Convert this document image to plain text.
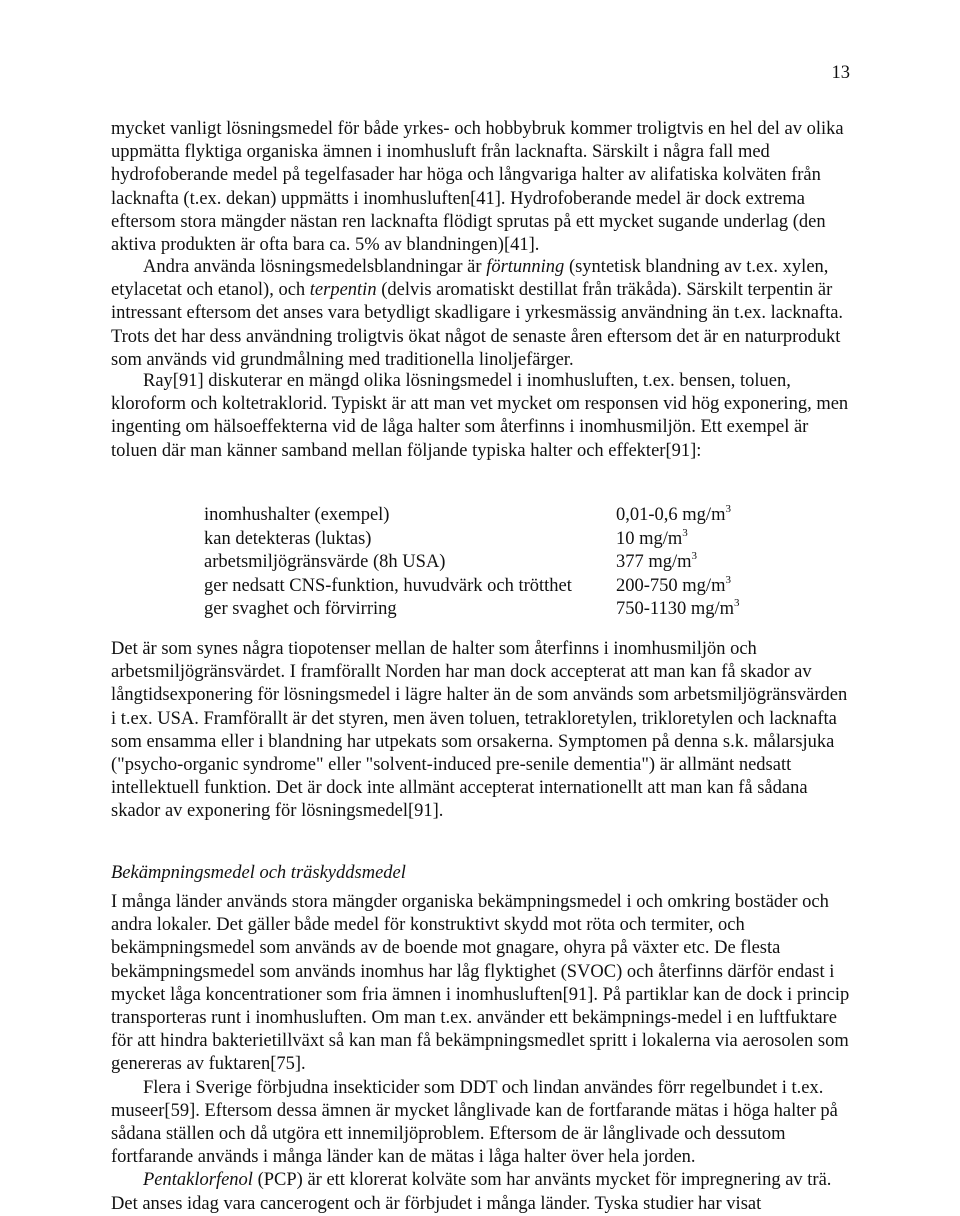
13

mycket vanligt lösningsmedel för både yrkes- och hobbybruk kommer troligtvis en hel del av olika uppmätta flyktiga organiska ämnen i inomhusluft från lacknafta. Särskilt i några fall med hydrofoberande medel på tegelfasader har höga och långvariga halter av alifatiska kolväten från lacknafta (t.ex. dekan) uppmätts i inomhusluften[41]. Hydrofoberande medel är dock extrema eftersom stora mängder nästan ren lacknafta flödigt sprutas på ett mycket sugande underlag (den aktiva produkten är ofta bara ca. 5% av blandningen)[41].

Andra använda lösningsmedelsblandningar är förtunning (syntetisk blandning av t.ex. xylen, etylacetat och etanol), och terpentin (delvis aromatiskt destillat från träkåda). Särskilt terpentin är intressant eftersom det anses vara betydligt skadligare i yrkesmässig användning än t.ex. lacknafta. Trots det har dess användning troligtvis ökat något de senaste åren eftersom det är en naturprodukt som används vid grundmålning med traditionella linoljefärger.

Ray[91] diskuterar en mängd olika lösningsmedel i inomhusluften, t.ex. bensen, toluen, kloroform och koltetraklorid. Typiskt är att man vet mycket om responsen vid hög exponering, men ingenting om hälsoeffekterna vid de låga halter som återfinns i inomhusmiljön. Ett exempel är toluen där man känner samband mellan följande typiska halter och effekter[91]:

inomhushalter (exempel)	0,01-0,6 $mg/m^3$
kan detekteras (luktas)	10 $mg/m^3$
arbetsmiljögränsvärde (8h USA)	377 $mg/m^3$
ger nedsatt CNS-funktion, huvudvärk och trötthet	200-750 $mg/m^3$
ger svaghet och förvirring	750-1130 $mg/m^3$

Det är som synes några tiopotenser mellan de halter som återfinns i inomhusmiljön och arbetsmiljögränsvärdet. I framförallt Norden har man dock accepterat att man kan få skador av långtidsexponering för lösningsmedel i lägre halter än de som används som arbetsmiljögränsvärden i t.ex. USA. Framförallt är det styren, men även toluen, tetrakloretylen, trikloretylen och lacknafta som ensamma eller i blandning har utpekats som orsakerna. Symptomen på denna s.k. målarsjuka ("psycho-organic syndrome" eller "solvent-induced pre-senile dementia") är allmänt nedsatt intellektuell funktion. Det är dock inte allmänt accepterat internationellt att man kan få sådana skador av exponering för lösningsmedel[91].

Bekämpningsmedel och träskyddsmedel

I många länder används stora mängder organiska bekämpningsmedel i och omkring bostäder och andra lokaler. Det gäller både medel för konstruktivt skydd mot röta och termiter, och bekämpningsmedel som används av de boende mot gnagare, ohyra på växter etc. De flesta bekämpningsmedel som används inomhus har låg flyktighet (SVOC) och återfinns därför endast i mycket låga koncentrationer som fria ämnen i inomhusluften[91]. På partiklar kan de dock i princip transporteras runt i inomhusluften. Om man t.ex. använder ett bekämpnings-medel i en luftfuktare för att hindra bakterietillväxt så kan man få bekämpningsmedlet spritt i lokalerna via aerosolen som genereras av fuktaren[75].

Flera i Sverige förbjudna insekticider som DDT och lindan användes förr regelbundet i t.ex. museer[59]. Eftersom dessa ämnen är mycket långlivade kan de fortfarande mätas i höga halter på sådana ställen och då utgöra ett innemiljöproblem. Eftersom de är långlivade och dessutom fortfarande används i många länder kan de mätas i låga halter över hela jorden.

Pentaklorfenol (PCP) är ett klorerat kolväte som har använts mycket för impregnering av trä. Det anses idag vara cancerogent och är förbjudet i många länder. Tyska studier har visat
